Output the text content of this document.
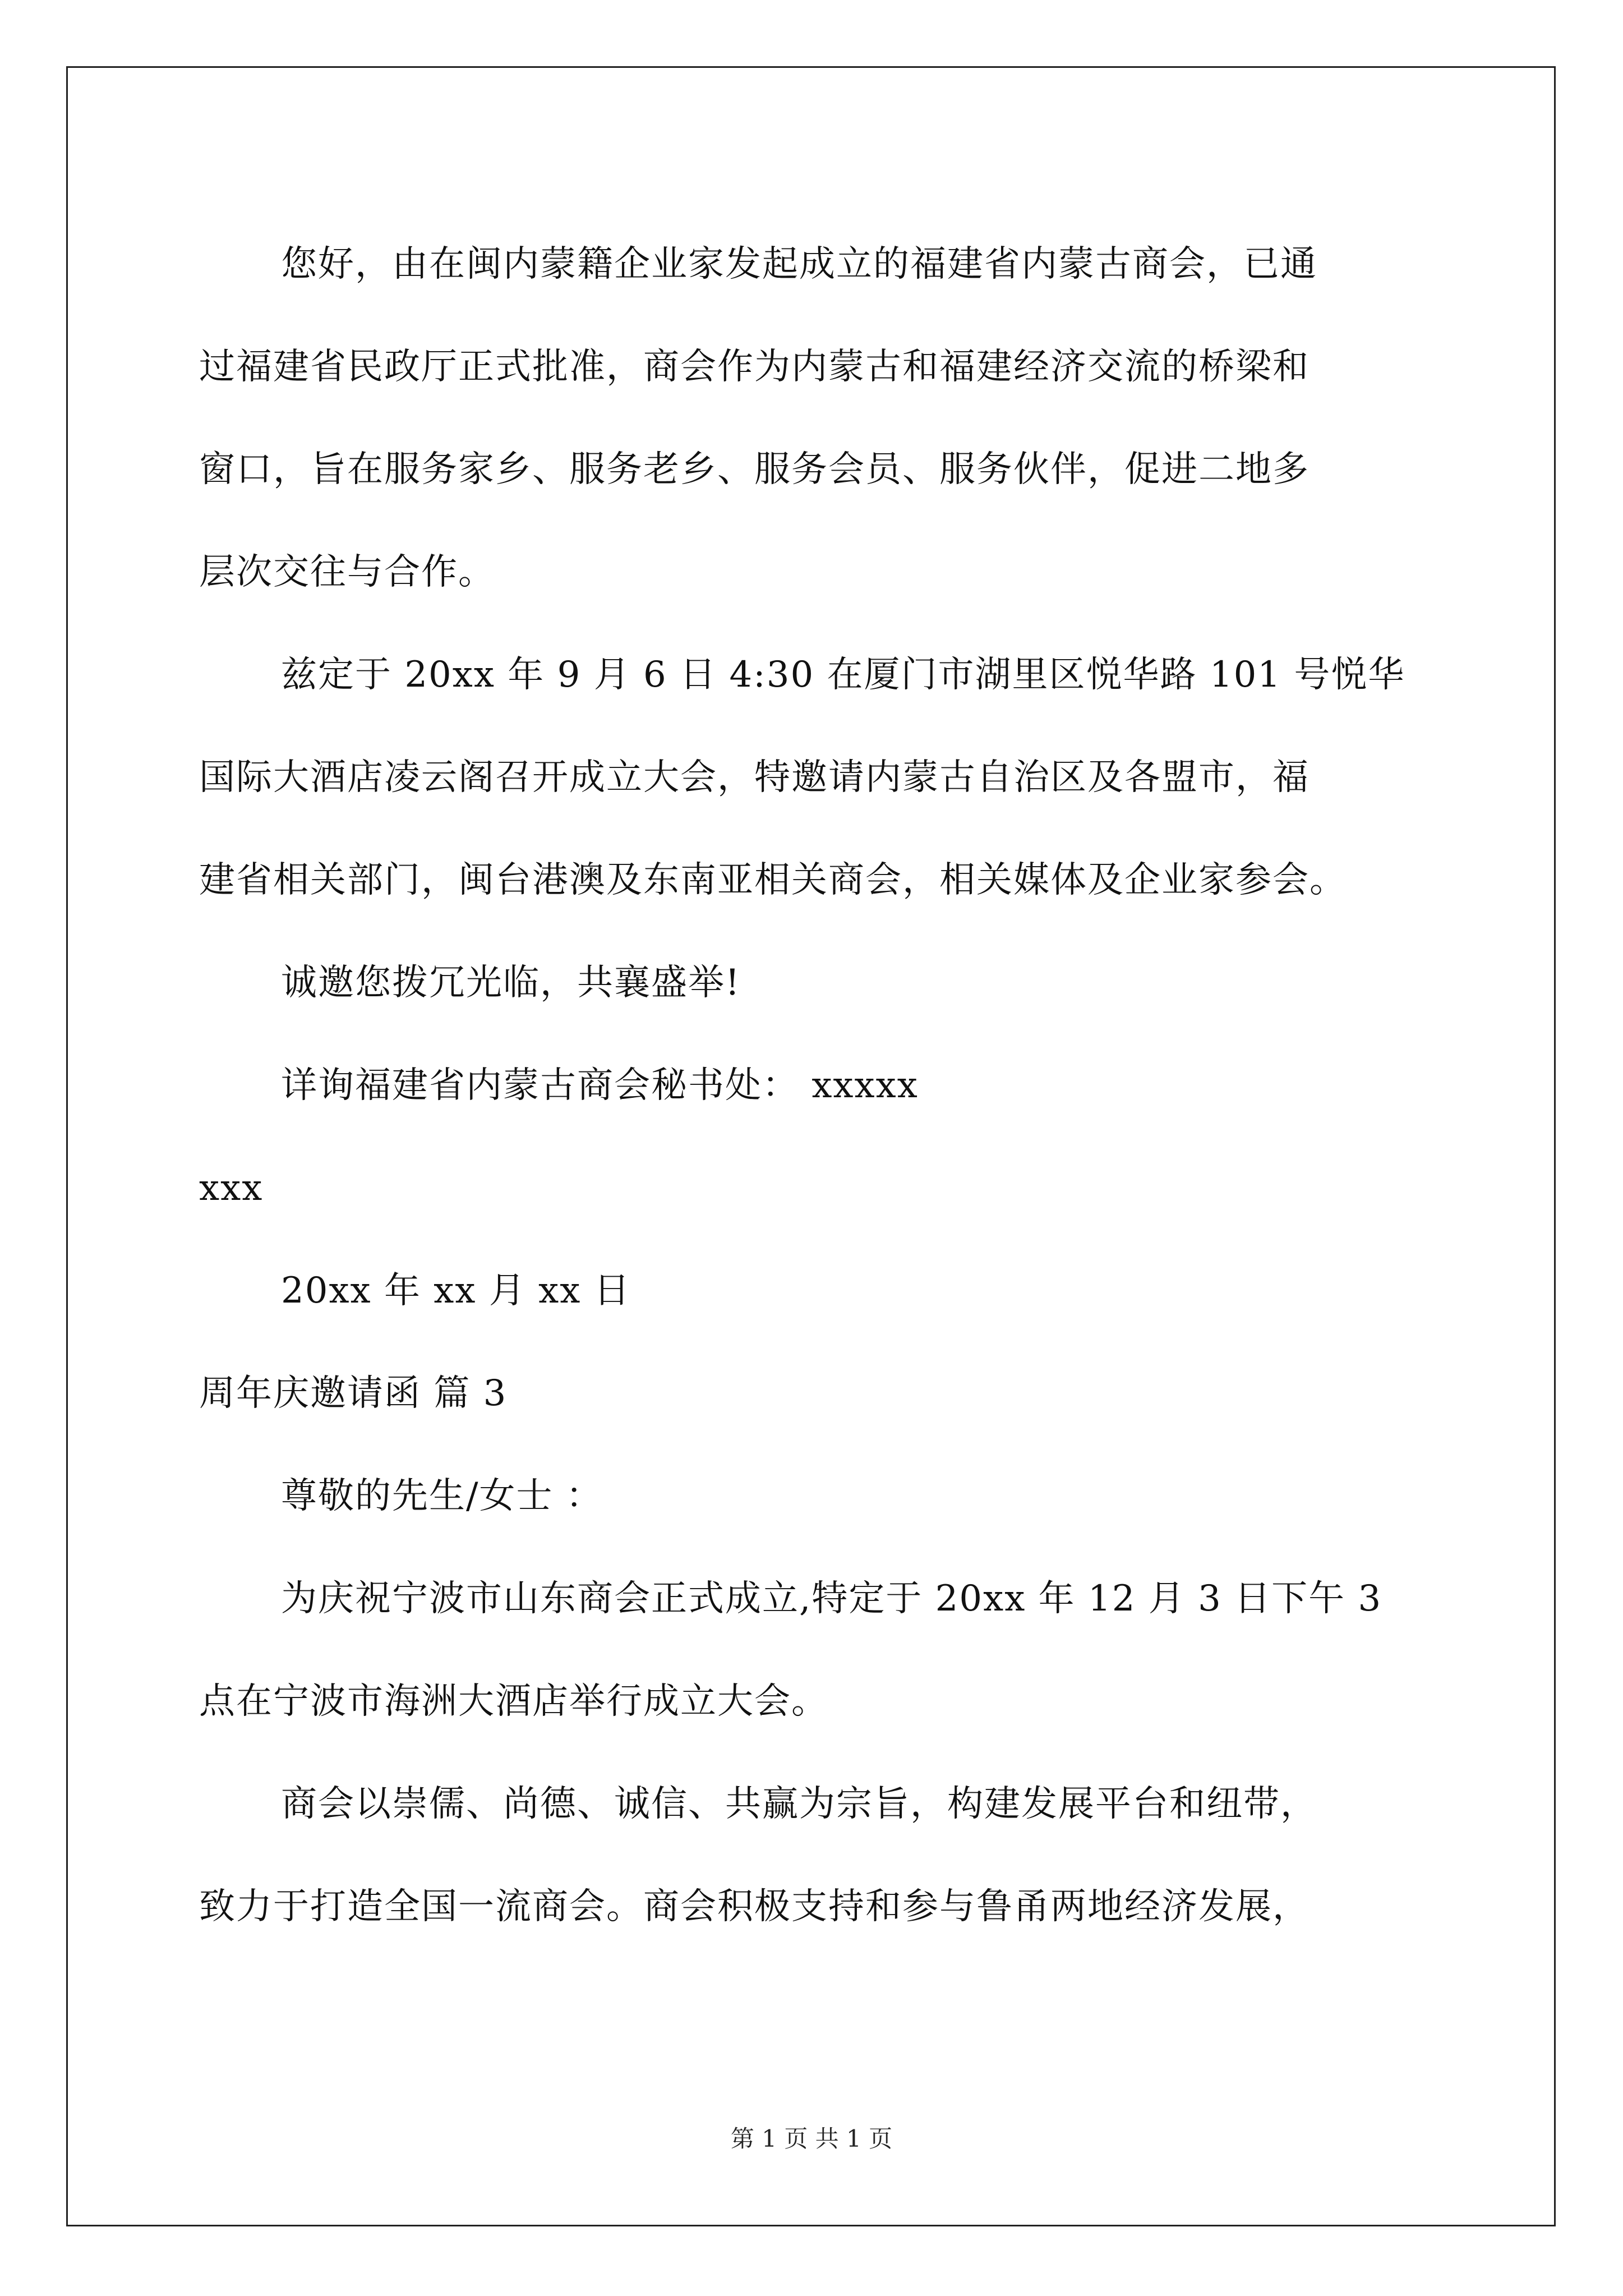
您好，由在闽内蒙籍企业家发起成立的福建省内蒙古商会，已通
过福建省民政厅正式批准，商会作为内蒙古和福建经济交流的桥梁和
窗口，旨在服务家乡、服务老乡、服务会员、服务伙伴，促进二地多
层次交往与合作。
兹定于 20xx 年 9 月 6 日 4:30 在厦门市湖里区悦华路 101 号悦华
国际大酒店凌云阁召开成立大会，特邀请内蒙古自治区及各盟市，福
建省相关部门，闽台港澳及东南亚相关商会，相关媒体及企业家参会。
诚邀您拨冗光临，共襄盛举!
详询福建省内蒙古商会秘书处： xxxxx
xxx
20xx 年 xx 月 xx 日
周年庆邀请函 篇 3
尊敬的先生/女士 ：
为庆祝宁波市山东商会正式成立,特定于 20xx 年 12 月 3 日下午 3
点在宁波市海洲大酒店举行成立大会。
商会以崇儒、尚德、诚信、共赢为宗旨，构建发展平台和纽带，
致力于打造全国一流商会。商会积极支持和参与鲁甬两地经济发展，
第 1 页 共 1 页
